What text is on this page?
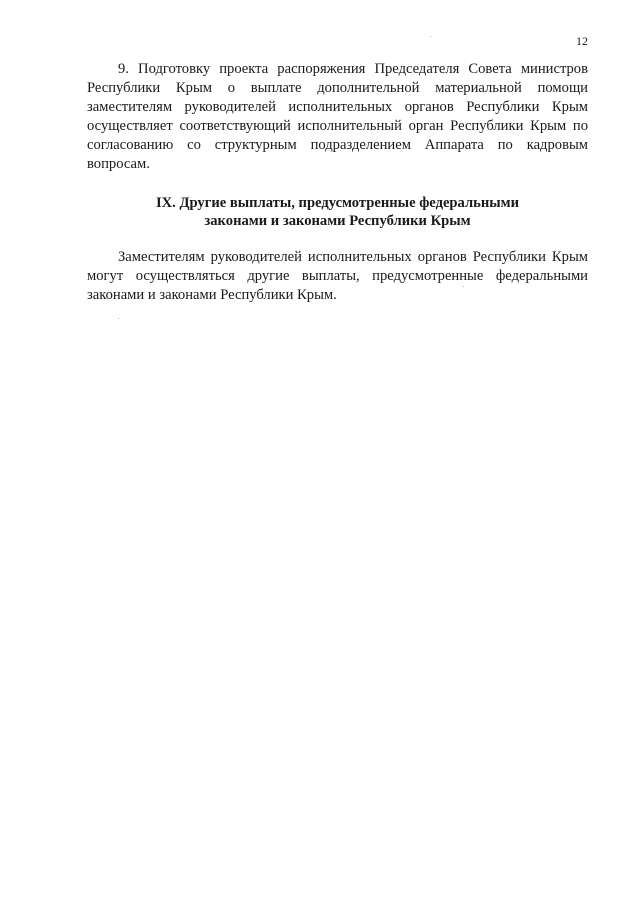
12

9. Подготовку проекта распоряжения Председателя Совета министров Республики Крым о выплате дополнительной материальной помощи заместителям руководителей исполнительных органов Республики Крым осуществляет соответствующий исполнительный орган Республики Крым по согласованию со структурным подразделением Аппарата по кадровым вопросам.

IX. Другие выплаты, предусмотренные федеральными
законами и законами Республики Крым

Заместителям руководителей исполнительных органов Республики Крым могут осуществляться другие выплаты, предусмотренные федеральными законами и законами Республики Крым.
